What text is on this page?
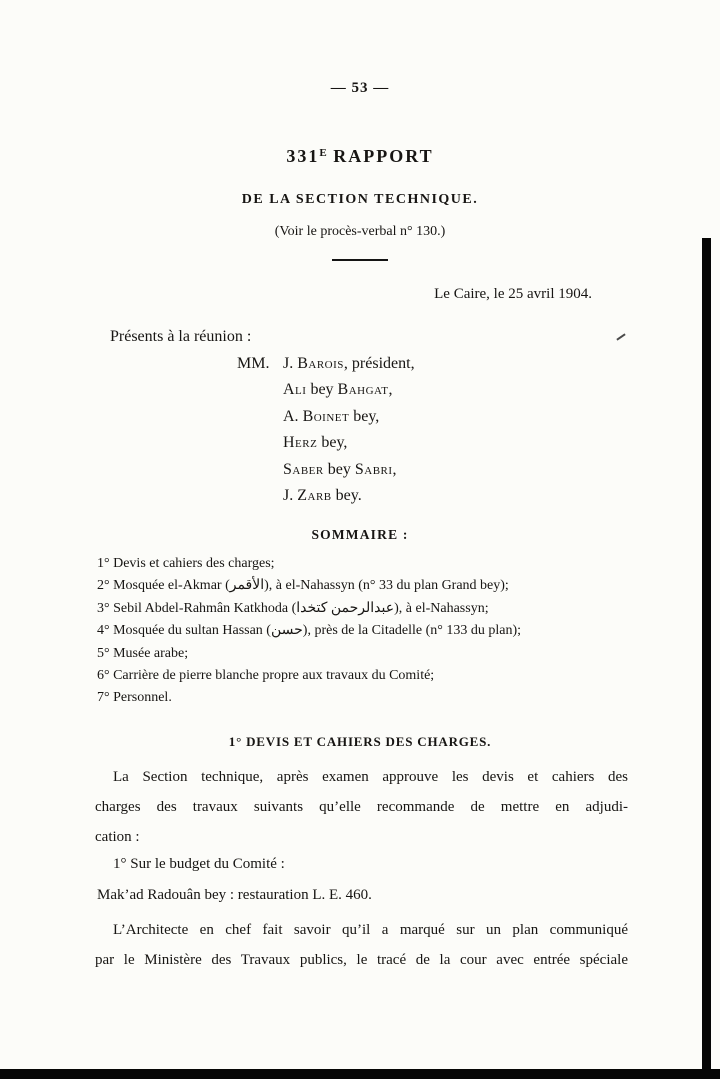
— 53 —
$331^E$ RAPPORT
DE LA SECTION TECHNIQUE.
(Voir le procès-verbal n° 130.)
Le Caire, le 25 avril 1904.
Présents à la réunion :
MM. J. Barois, président,
Ali bey Bahgat,
A. Boinet bey,
Herz bey,
Saber bey Sabri,
J. Zarb bey.
SOMMAIRE :
1° Devis et cahiers des charges;
2° Mosquée el-Akmar (الأقمر), à el-Nahassyn (n° 33 du plan Grand bey);
3° Sebil Abdel-Rahmân Katkhoda (عبدالرحمن كتخدا), à el-Nahassyn;
4° Mosquée du sultan Hassan (حسن), près de la Citadelle (n° 133 du plan);
5° Musée arabe;
6° Carrière de pierre blanche propre aux travaux du Comité;
7° Personnel.
1° DEVIS ET CAHIERS DES CHARGES.
La Section technique, après examen approuve les devis et cahiers des
charges des travaux suivants qu’elle recommande de mettre en adjudi-
cation :
1° Sur le budget du Comité :
Mak’ad Radouân bey : restauration L. E. 460.
L’Architecte en chef fait savoir qu’il a marqué sur un plan communiqué
par le Ministère des Travaux publics, le tracé de la cour avec entrée spéciale
